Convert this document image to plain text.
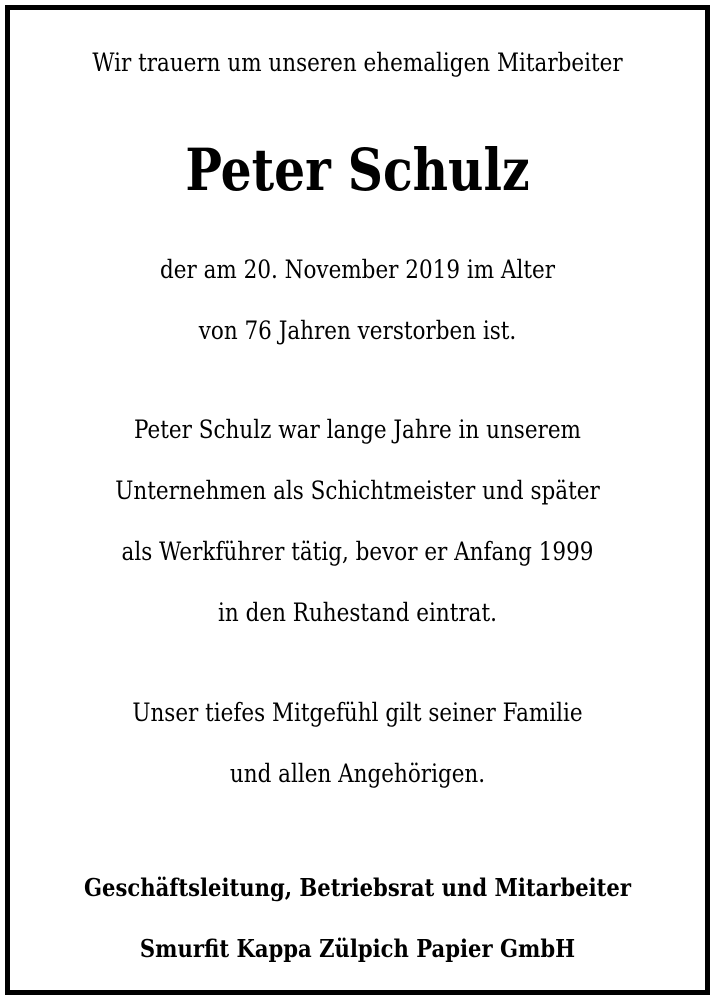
Wir trauern um unseren ehemaligen Mitarbeiter
Peter Schulz
der am 20. November 2019 im Alter
von 76 Jahren verstorben ist.
Peter Schulz war lange Jahre in unserem
Unternehmen als Schichtmeister und später
als Werkführer tätig, bevor er Anfang 1999
in den Ruhestand eintrat.
Unser tiefes Mitgefühl gilt seiner Familie
und allen Angehörigen.
Geschäftsleitung, Betriebsrat und Mitarbeiter
Smurfit Kappa Zülpich Papier GmbH
